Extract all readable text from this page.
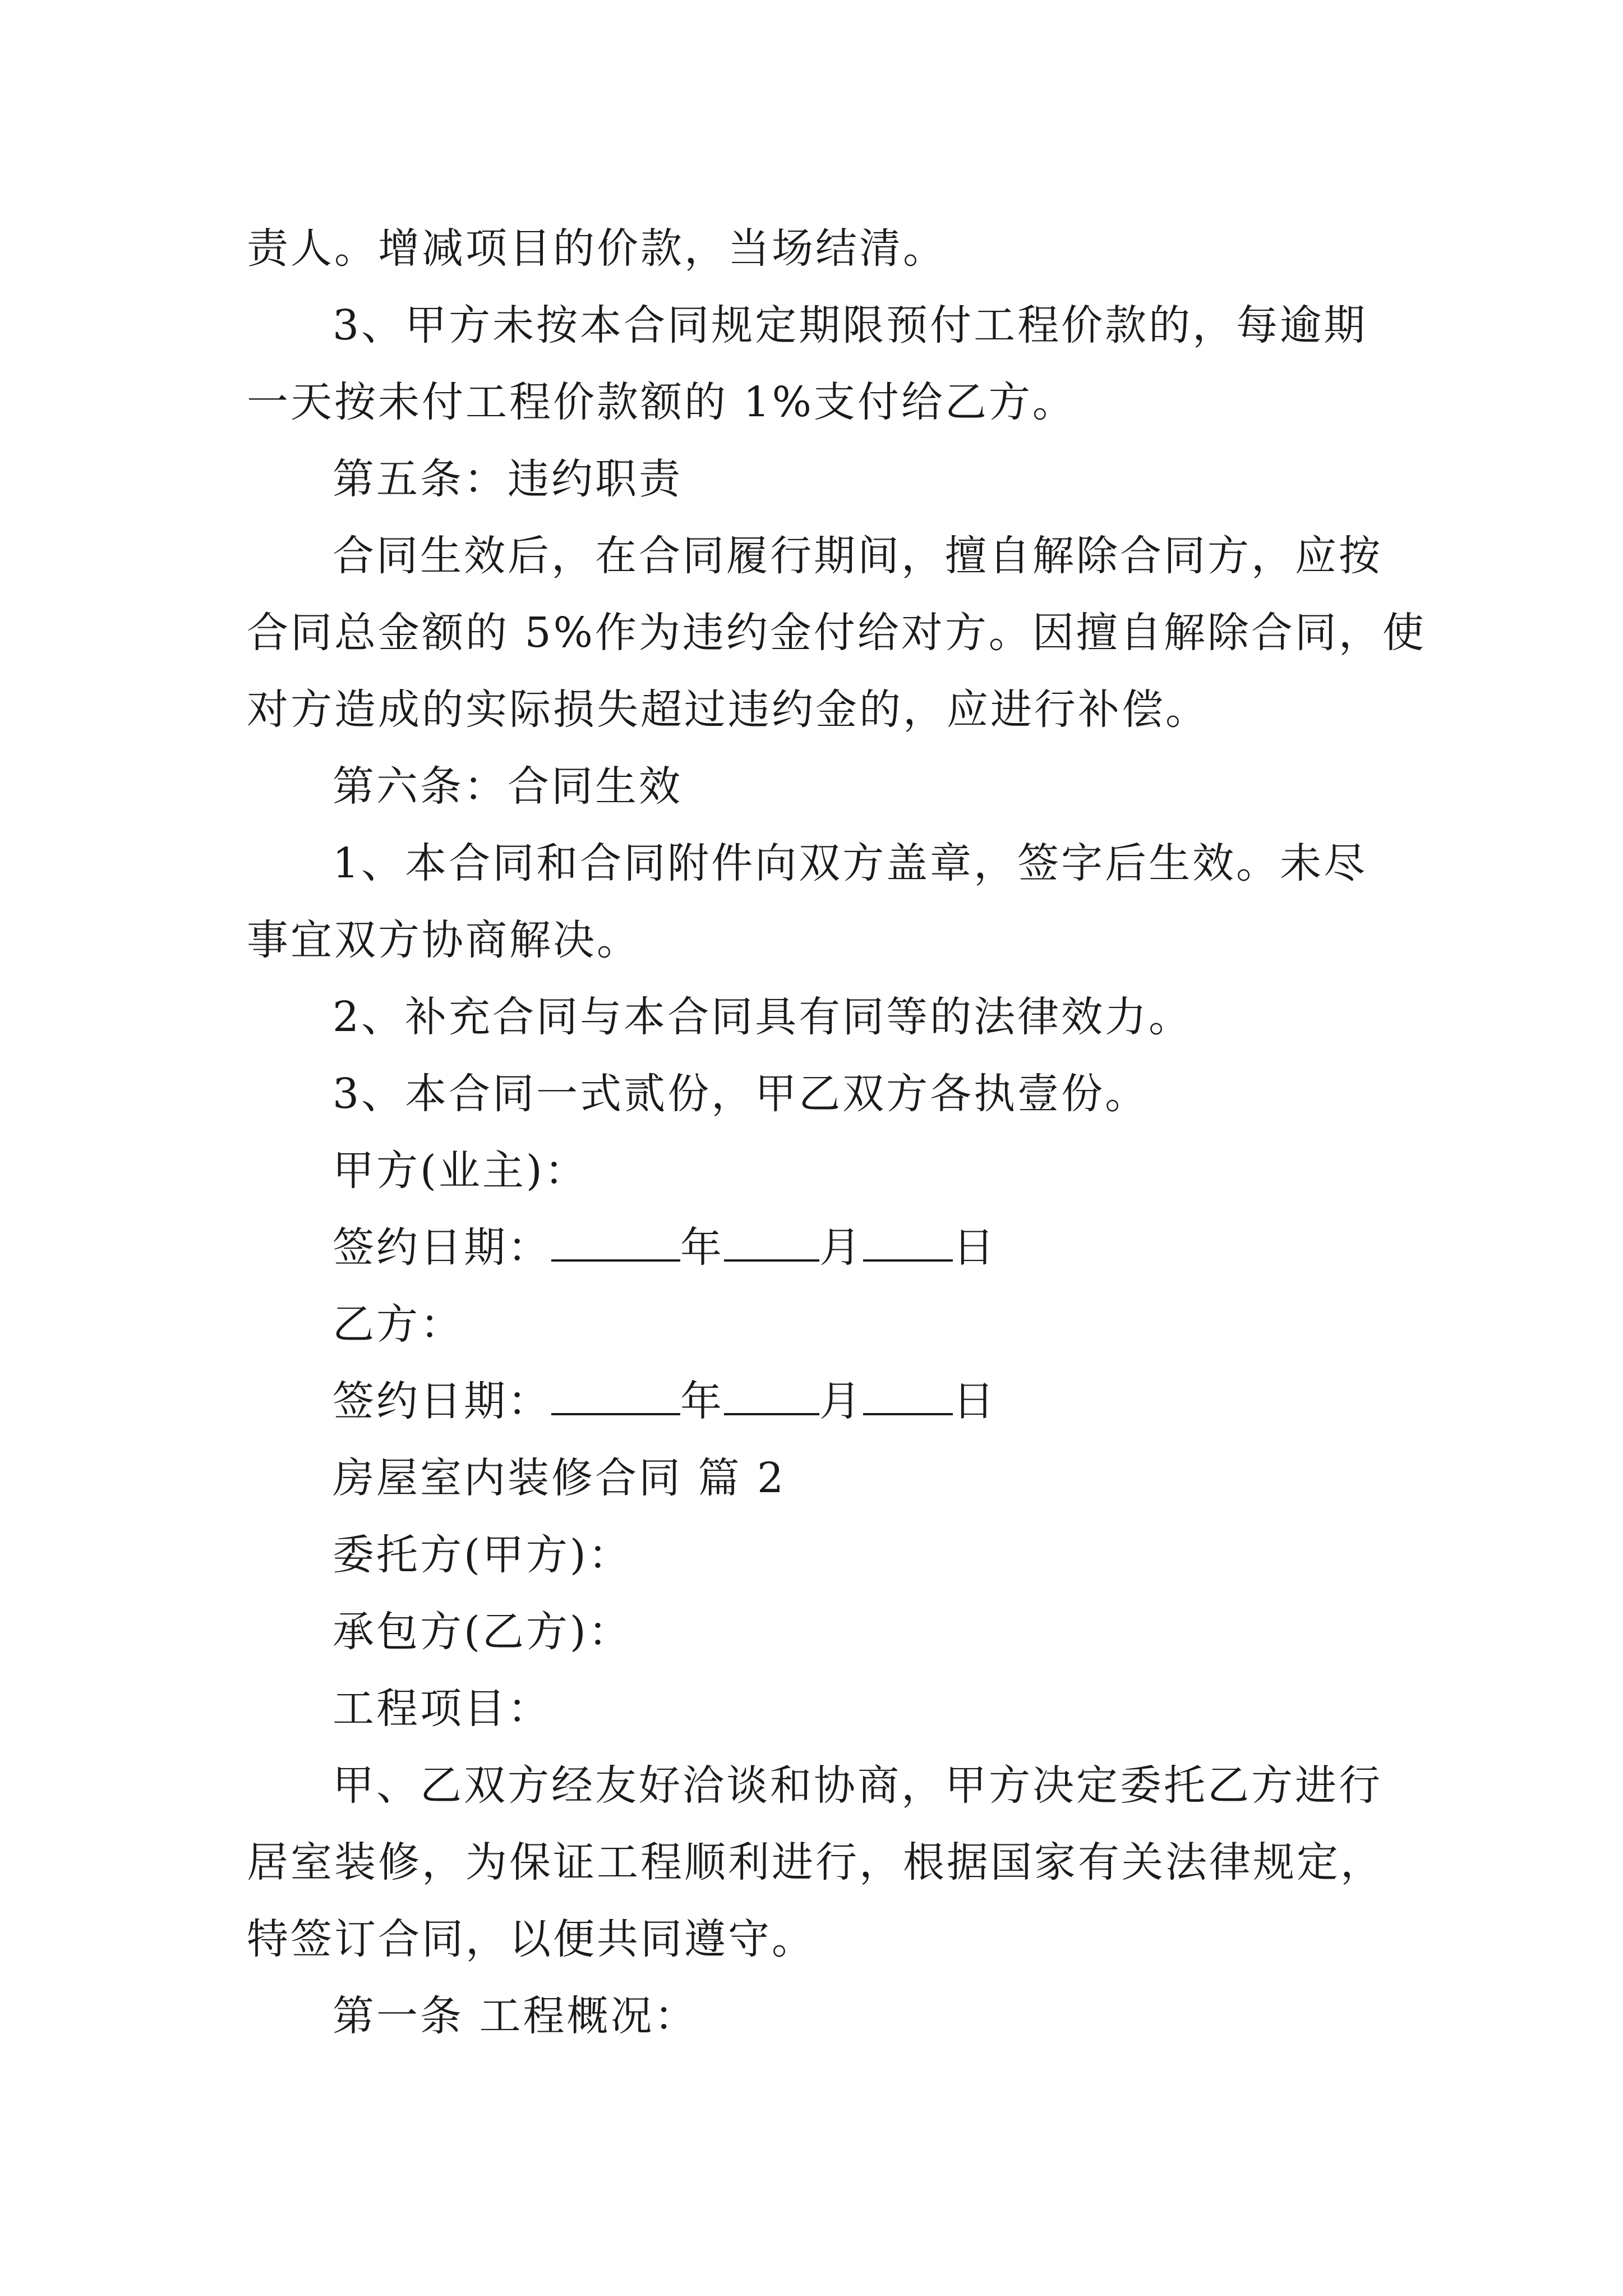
责人。增减项目的价款，当场结清。
3、甲方未按本合同规定期限预付工程价款的，每逾期
一天按未付工程价款额的 1%支付给乙方。
第五条：违约职责
合同生效后，在合同履行期间，擅自解除合同方，应按
合同总金额的 5%作为违约金付给对方。因擅自解除合同，使
对方造成的实际损失超过违约金的，应进行补偿。
第六条：合同生效
1、本合同和合同附件向双方盖章，签字后生效。未尽
事宜双方协商解决。
2、补充合同与本合同具有同等的法律效力。
3、本合同一式贰份，甲乙双方各执壹份。
甲方(业主)：
签约日期：	年 月 日
乙方：
签约日期：	年 月 日
房屋室内装修合同 篇 2
委托方(甲方)：
承包方(乙方)：
工程项目：
甲、乙双方经友好洽谈和协商，甲方决定委托乙方进行
居室装修，为保证工程顺利进行，根据国家有关法律规定，
特签订合同，以便共同遵守。
第一条 工程概况：
